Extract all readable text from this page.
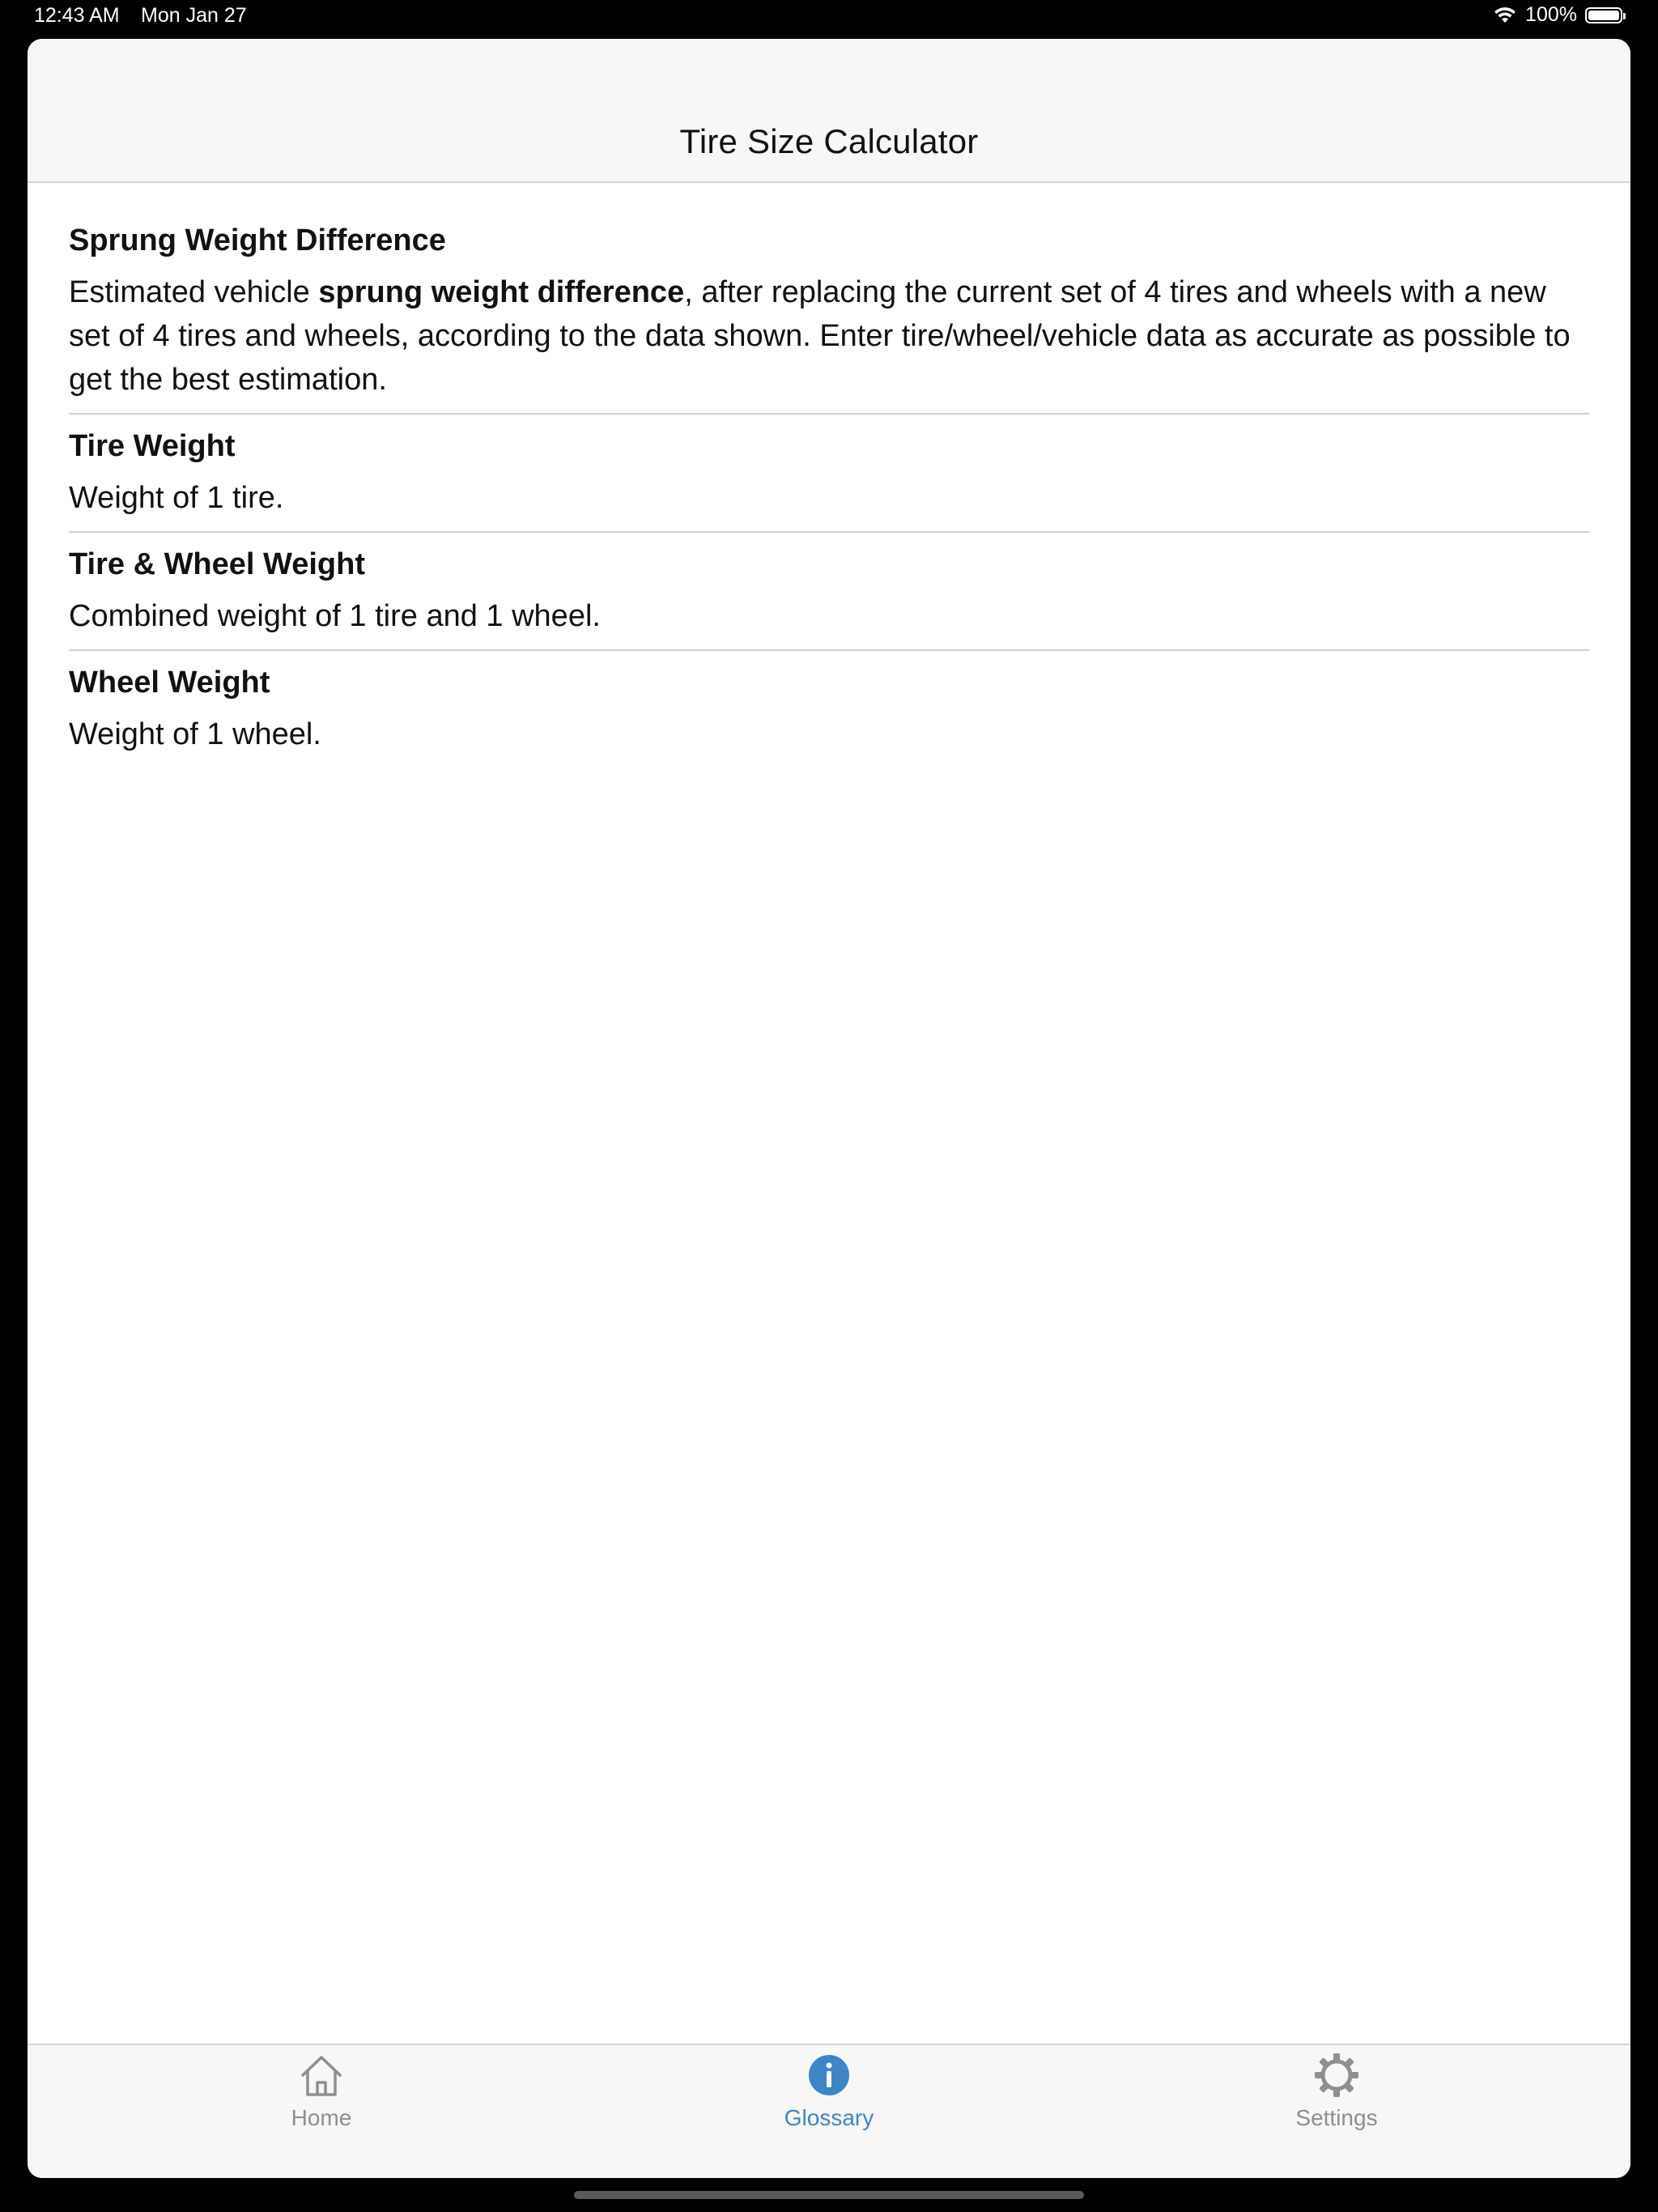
12:43 AM Mon Jan 27	100%
Tire Size Calculator
Sprung Weight Difference
Estimated vehicle sprung weight difference, after replacing the current set of 4 tires and wheels with a new set of 4 tires and wheels, according to the data shown. Enter tire/wheel/vehicle data as accurate as possible to get the best estimation.
Tire Weight
Weight of 1 tire.
Tire & Wheel Weight
Combined weight of 1 tire and 1 wheel.
Wheel Weight
Weight of 1 wheel.
Home	Glossary	Settings
